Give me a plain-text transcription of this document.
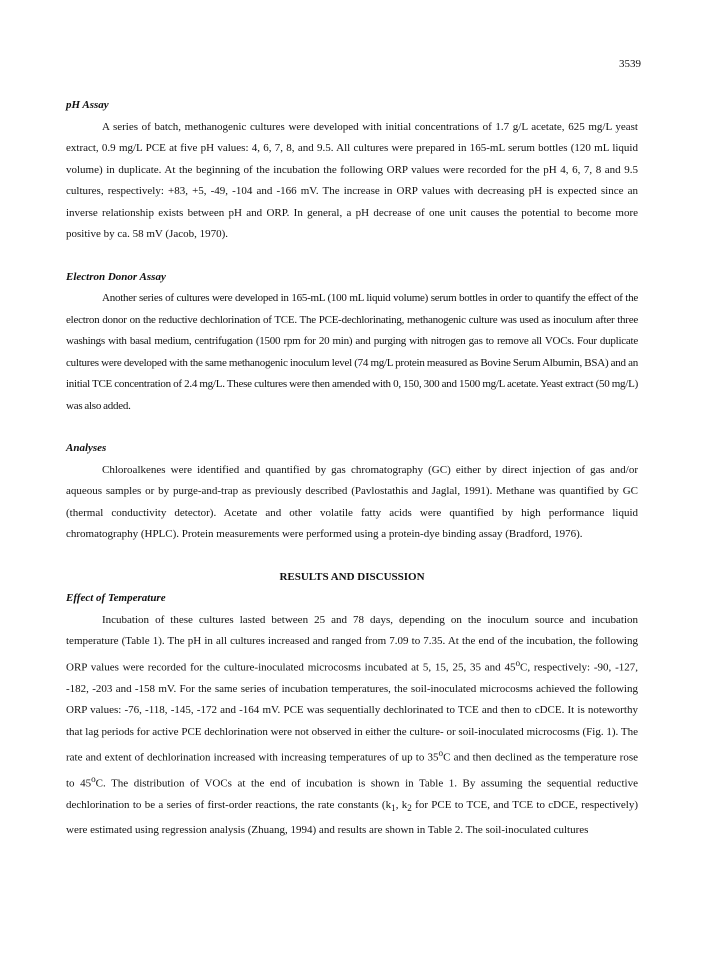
3539
pH Assay

A series of batch, methanogenic cultures were developed with initial concentrations of 1.7 g/L acetate, 625 mg/L yeast extract, 0.9 mg/L PCE at five pH values: 4, 6, 7, 8, and 9.5. All cultures were prepared in 165-mL serum bottles (120 mL liquid volume) in duplicate. At the beginning of the incubation the following ORP values were recorded for the pH 4, 6, 7, 8 and 9.5 cultures, respectively: +83, +5, -49, -104 and -166 mV. The increase in ORP values with decreasing pH is expected since an inverse relationship exists between pH and ORP. In general, a pH decrease of one unit causes the potential to become more positive by ca. 58 mV (Jacob, 1970).

Electron Donor Assay

Another series of cultures were developed in 165-mL (100 mL liquid volume) serum bottles in order to quantify the effect of the electron donor on the reductive dechlorination of TCE. The PCE-dechlorinating, methanogenic culture was used as inoculum after three washings with basal medium, centrifugation (1500 rpm for 20 min) and purging with nitrogen gas to remove all VOCs. Four duplicate cultures were developed with the same methanogenic inoculum level (74 mg/L protein measured as Bovine Serum Albumin, BSA) and an initial TCE concentration of 2.4 mg/L. These cultures were then amended with 0, 150, 300 and 1500 mg/L acetate. Yeast extract (50 mg/L) was also added.

Analyses

Chloroalkenes were identified and quantified by gas chromatography (GC) either by direct injection of gas and/or aqueous samples or by purge-and-trap as previously described (Pavlostathis and Jaglal, 1991). Methane was quantified by GC (thermal conductivity detector). Acetate and other volatile fatty acids were quantified by high performance liquid chromatography (HPLC). Protein measurements were performed using a protein-dye binding assay (Bradford, 1976).

RESULTS AND DISCUSSION
Effect of Temperature

Incubation of these cultures lasted between 25 and 78 days, depending on the inoculum source and incubation temperature (Table 1). The pH in all cultures increased and ranged from 7.09 to 7.35. At the end of the incubation, the following ORP values were recorded for the culture-inoculated microcosms incubated at 5, 15, 25, 35 and 45$^o$C, respectively: -90, -127, -182, -203 and -158 mV. For the same series of incubation temperatures, the soil-inoculated microcosms achieved the following ORP values: -76, -118, -145, -172 and -164 mV. PCE was sequentially dechlorinated to TCE and then to cDCE. It is noteworthy that lag periods for active PCE dechlorination were not observed in either the culture- or soil-inoculated microcosms (Fig. 1). The rate and extent of dechlorination increased with increasing temperatures of up to 35$^o$C and then declined as the temperature rose to 45$^o$C. The distribution of VOCs at the end of incubation is shown in Table 1. By assuming the sequential reductive dechlorination to be a series of first-order reactions, the rate constants ($k_1$, $k_2$ for PCE to TCE, and TCE to cDCE, respectively) were estimated using regression analysis (Zhuang, 1994) and results are shown in Table 2. The soil-inoculated cultures
